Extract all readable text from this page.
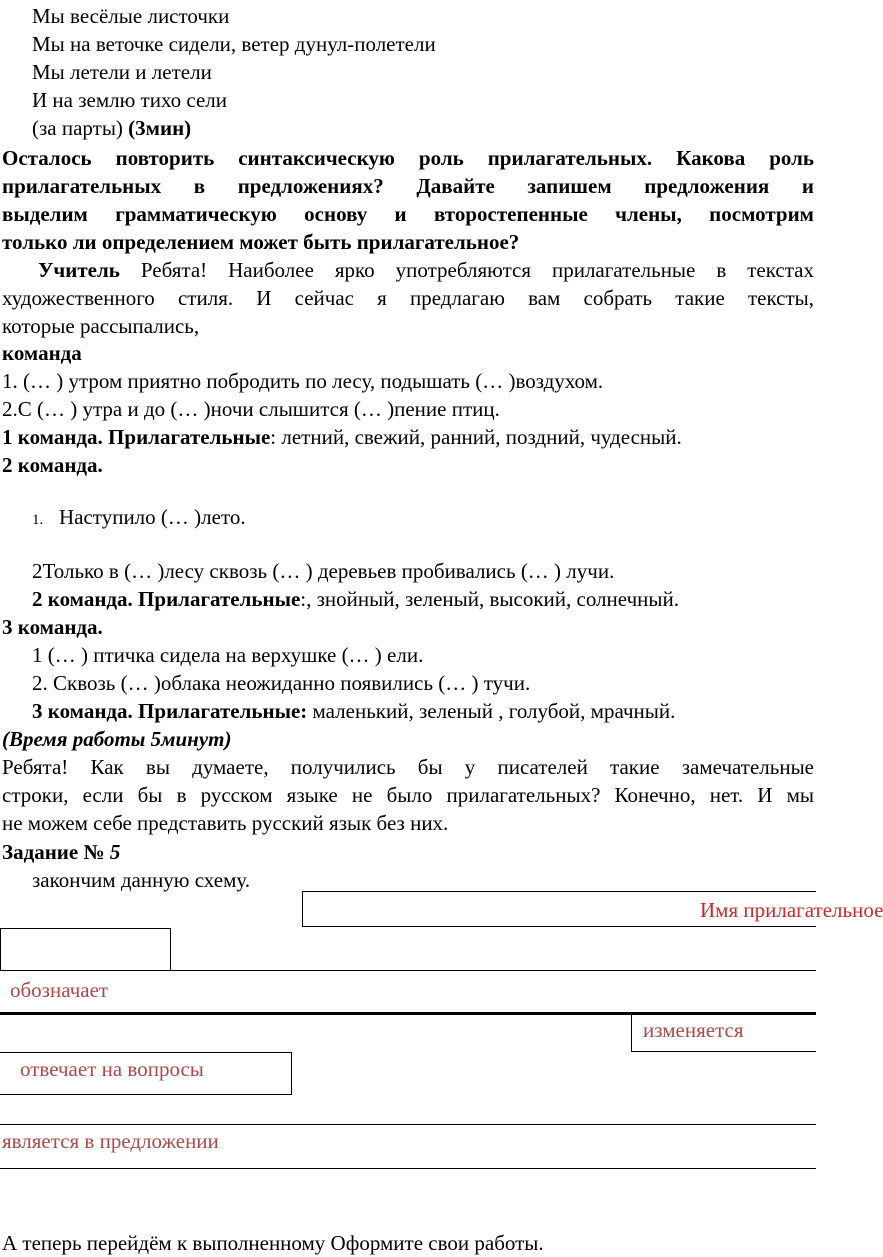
Мы весёлые листочки
Мы на веточке сидели, ветер дунул-полетели
Мы летели и летели
И на землю тихо сели
(за парты) (3мин)
Осталось повторить синтаксическую роль прилагательных. Какова роль
прилагательных в предложениях? Давайте запишем предложения и
выделим грамматическую основу и второстепенные члены, посмотрим
только ли определением может быть прилагательное?
Учитель Ребята! Наиболее ярко употребляются прилагательные в текстах
художественного стиля. И сейчас я предлагаю вам собрать такие тексты,
которые рассыпались,
команда
1. (… ) утром приятно побродить по лесу, подышать (… )воздухом.
2.С (… ) утра и до (… )ночи слышится (… )пение птиц.
1 команда. Прилагательные: летний, свежий, ранний, поздний, чудесный.
2 команда.
1. Наступило (… )лето.
2Только в (… )лесу сквозь (… ) деревьев пробивались (… ) лучи.
2 команда. Прилагательные:, знойный, зеленый, высокий, солнечный.
3 команда.
1 (… ) птичка сидела на верхушке (… ) ели.
2. Сквозь (… )облака неожиданно появились (… ) тучи.
3 команда. Прилагательные: маленький, зеленый , голубой, мрачный.
(Время работы 5минут)
Ребята! Как вы думаете, получились бы у писателей такие замечательные
строки, если бы в русском языке не было прилагательных? Конечно, нет. И мы
не можем себе представить русский язык без них.
Задание № 5
закончим данную схему.
Имя прилагательное
обозначает
изменяется
отвечает на вопросы
является в предложении
А теперь перейдём к выполненному Оформите свои работы.
